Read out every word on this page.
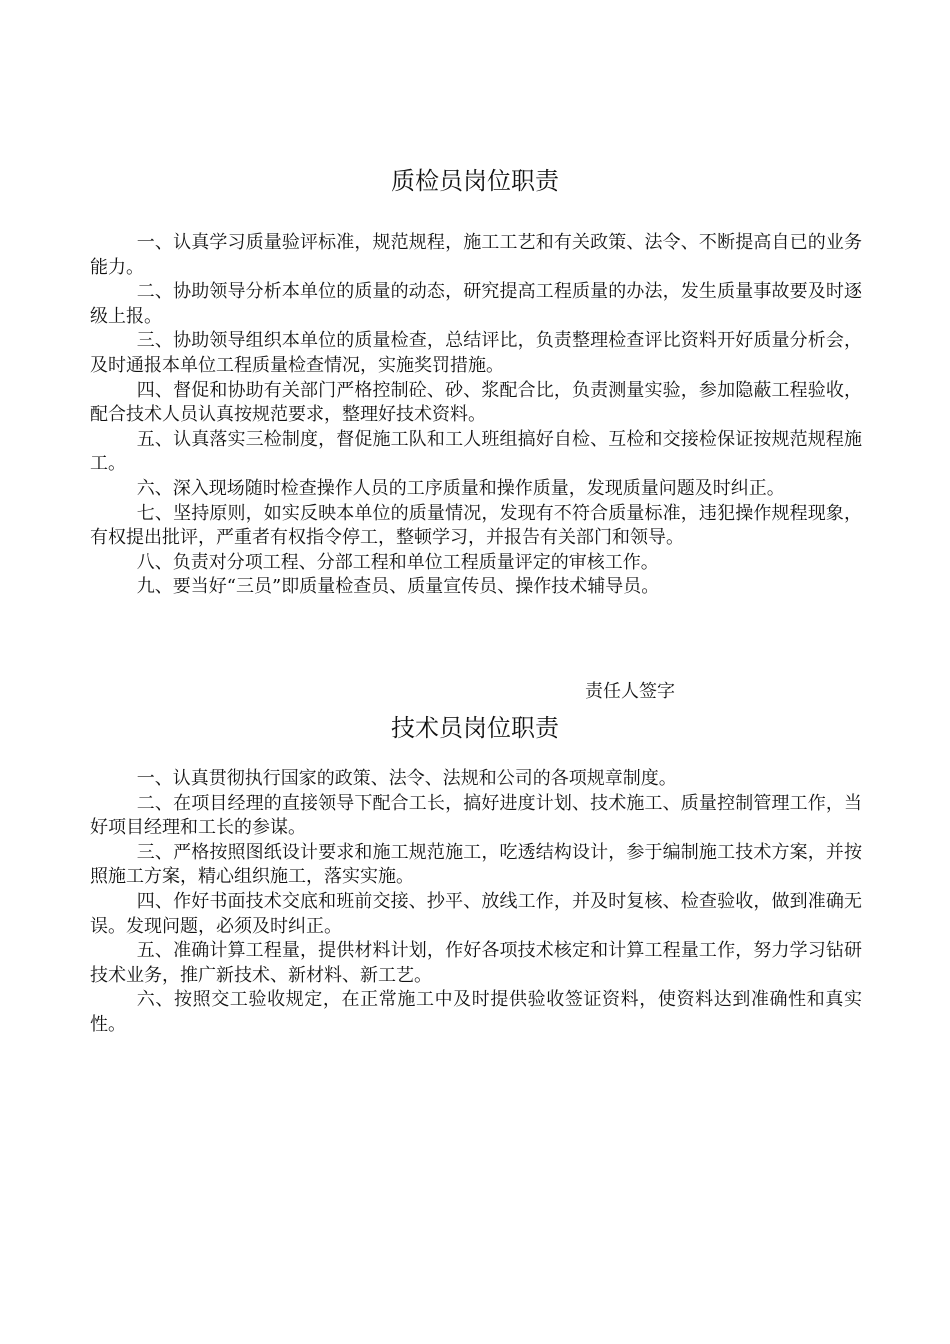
质检员岗位职责

一、认真学习质量验评标准，规范规程，施工工艺和有关政策、法令、不断提高自已的业务能力。

二、协助领导分析本单位的质量的动态，研究提高工程质量的办法，发生质量事故要及时逐级上报。

三、协助领导组织本单位的质量检查，总结评比，负责整理检查评比资料开好质量分析会，及时通报本单位工程质量检查情况，实施奖罚措施。

四、督促和协助有关部门严格控制砼、砂、浆配合比，负责测量实验，参加隐蔽工程验收，配合技术人员认真按规范要求，整理好技术资料。

五、认真落实三检制度，督促施工队和工人班组搞好自检、互检和交接检保证按规范规程施工。

六、深入现场随时检查操作人员的工序质量和操作质量，发现质量问题及时纠正。

七、坚持原则，如实反映本单位的质量情况，发现有不符合质量标准，违犯操作规程现象，有权提出批评，严重者有权指令停工，整顿学习，并报告有关部门和领导。

八、负责对分项工程、分部工程和单位工程质量评定的审核工作。

九、要当好“三员”即质量检查员、质量宣传员、操作技术辅导员。

责任人签字
技术员岗位职责

一、认真贯彻执行国家的政策、法令、法规和公司的各项规章制度。

二、在项目经理的直接领导下配合工长，搞好进度计划、技术施工、质量控制管理工作，当好项目经理和工长的参谋。

三、严格按照图纸设计要求和施工规范施工，吃透结构设计，参于编制施工技术方案，并按照施工方案，精心组织施工，落实实施。

四、作好书面技术交底和班前交接、抄平、放线工作，并及时复核、检查验收，做到准确无误。发现问题，必须及时纠正。

五、准确计算工程量，提供材料计划，作好各项技术核定和计算工程量工作，努力学习钻研技术业务，推广新技术、新材料、新工艺。

六、按照交工验收规定，在正常施工中及时提供验收签证资料，使资料达到准确性和真实性。
